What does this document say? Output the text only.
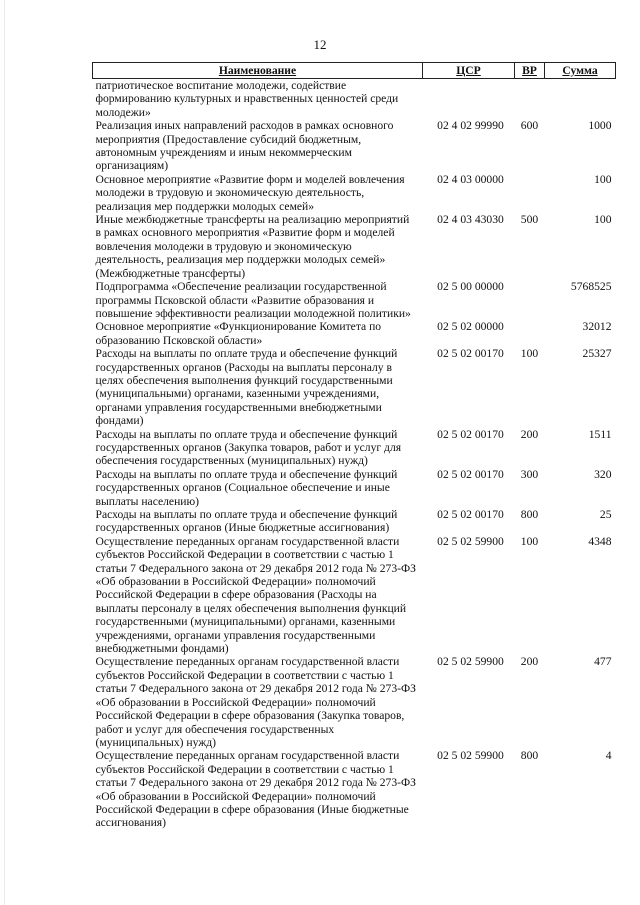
12
Наименование	ЦСР	ВР	Сумма
патриотическое воспитание молодежи, содействие формированию культурных и нравственных ценностей среди молодежи»			
Реализация иных направлений расходов в рамках основного мероприятия (Предоставление субсидий бюджетным, автономным учреждениям и иным некоммерческим организациям)	02 4 02 99990	600	1000
Основное мероприятие «Развитие форм и моделей вовлечения молодежи в трудовую и экономическую деятельность, реализация мер поддержки молодых семей»	02 4 03 00000		100
Иные межбюджетные трансферты на реализацию мероприятий в рамках основного мероприятия «Развитие форм и моделей вовлечения молодежи в трудовую и экономическую деятельность, реализация мер поддержки молодых семей» (Межбюджетные трансферты)	02 4 03 43030	500	100
Подпрограмма «Обеспечение реализации государственной программы Псковской области «Развитие образования и повышение эффективности реализации молодежной политики»	02 5 00 00000		5768525
Основное мероприятие «Функционирование Комитета по образованию Псковской области»	02 5 02 00000		32012
Расходы на выплаты по оплате труда и обеспечение функций государственных органов (Расходы на выплаты персоналу в целях обеспечения выполнения функций государственными (муниципальными) органами, казенными учреждениями, органами управления государственными внебюджетными фондами)	02 5 02 00170	100	25327
Расходы на выплаты по оплате труда и обеспечение функций государственных органов (Закупка товаров, работ и услуг для обеспечения государственных (муниципальных) нужд)	02 5 02 00170	200	1511
Расходы на выплаты по оплате труда и обеспечение функций государственных органов (Социальное обеспечение и иные выплаты населению)	02 5 02 00170	300	320
Расходы на выплаты по оплате труда и обеспечение функций государственных органов (Иные бюджетные ассигнования)	02 5 02 00170	800	25
Осуществление переданных органам государственной власти субъектов Российской Федерации в соответствии с частью 1 статьи 7 Федерального закона от 29 декабря 2012 года № 273-ФЗ «Об образовании в Российской Федерации» полномочий Российской Федерации в сфере образования (Расходы на выплаты персоналу в целях обеспечения выполнения функций государственными (муниципальными) органами, казенными учреждениями, органами управления государственными внебюджетными фондами)	02 5 02 59900	100	4348
Осуществление переданных органам государственной власти субъектов Российской Федерации в соответствии с частью 1 статьи 7 Федерального закона от 29 декабря 2012 года № 273-ФЗ «Об образовании в Российской Федерации» полномочий Российской Федерации в сфере образования (Закупка товаров, работ и услуг для обеспечения государственных (муниципальных) нужд)	02 5 02 59900	200	477
Осуществление переданных органам государственной власти субъектов Российской Федерации в соответствии с частью 1 статьи 7 Федерального закона от 29 декабря 2012 года № 273-ФЗ «Об образовании в Российской Федерации» полномочий Российской Федерации в сфере образования (Иные бюджетные ассигнования)	02 5 02 59900	800	4
